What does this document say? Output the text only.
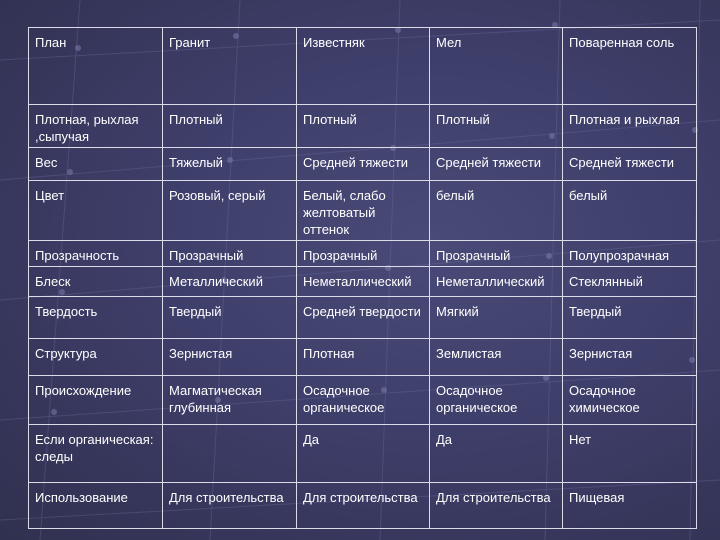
План	Гранит	Известняк	Мел	Поваренная соль
Плотная, рыхлая ,сыпучая	Плотный	Плотный	Плотный	Плотная и рыхлая
Вес	Тяжелый	Средней тяжести	Средней тяжести	Средней тяжести
Цвет	Розовый, серый	Белый, слабо желтоватый оттенок	белый	белый
Прозрачность	Прозрачный	Прозрачный	Прозрачный	Полупрозрачная
Блеск	Металлический	Неметаллический	Неметаллический	Стеклянный
Твердость	Твердый	Средней твердости	Мягкий	Твердый
Структура	Зернистая	Плотная	Землистая	Зернистая
Происхождение	Магматическая глубинная	Осадочное органическое	Осадочное органическое	Осадочное химическое
Если органическая: следы		Да	Да	Нет
Использование	Для строительства	Для строительства	Для строительства	Пищевая
